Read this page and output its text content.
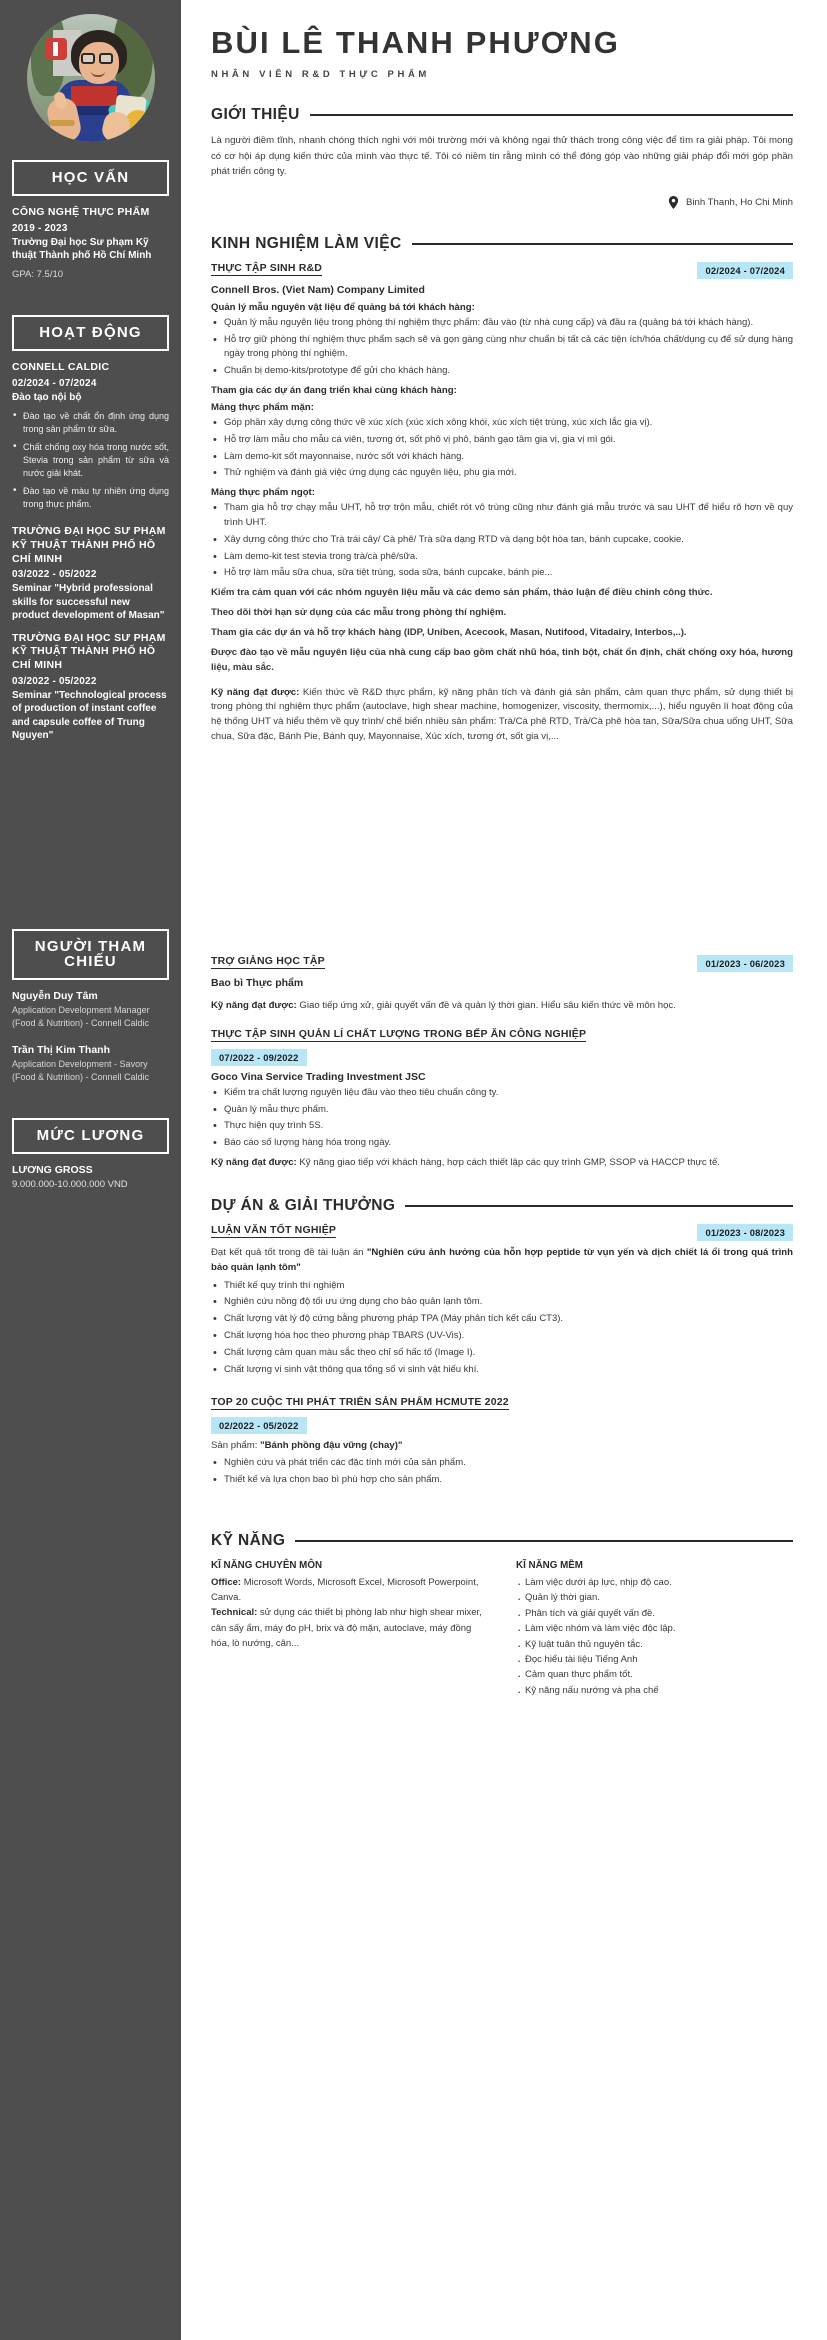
HỌC VẤN
CÔNG NGHỆ THỰC PHẨM
2019 - 2023
Trường Đại học Sư phạm Kỹ thuật Thành phố Hồ Chí Minh
GPA: 7.5/10
HOẠT ĐỘNG
CONNELL CALDIC
02/2024 - 07/2024
Đào tạo nội bộ
• Đào tạo về chất ổn định ứng dụng trong sản phẩm từ sữa.
• Chất chống oxy hóa trong nước sốt, Stevia trong sản phẩm từ sữa và nước giải khát.
• Đào tạo về màu tự nhiên ứng dụng trong thực phẩm.
TRƯỜNG ĐẠI HỌC SƯ PHẠM KỸ THUẬT THÀNH PHỐ HỒ CHÍ MINH
03/2022 - 05/2022
Seminar "Hybrid professional skills for successful new product development of Masan"
TRƯỜNG ĐẠI HỌC SƯ PHẠM KỸ THUẬT THÀNH PHỐ HỒ CHÍ MINH
03/2022 - 05/2022
Seminar "Technological process of production of instant coffee and capsule coffee of Trung Nguyen"
NGƯỜI THAM CHIẾU
Nguyễn Duy Tâm
Application Development Manager (Food & Nutrition) - Connell Caldic
Trần Thị Kim Thanh
Application Development - Savory (Food & Nutrition) - Connell Caldic
MỨC LƯƠNG
LƯƠNG GROSS
9.000.000-10.000.000 VND
BÙI LÊ THANH PHƯƠNG
NHÂN VIÊN R&D THỰC PHẨM
GIỚI THIỆU

Là người điềm tĩnh, nhanh chóng thích nghi với môi trường mới và không ngại thử thách trong công việc để tìm ra giải pháp. Tôi mong có cơ hội áp dụng kiến thức của mình vào thực tế. Tôi có niềm tin rằng mình có thể đóng góp vào những giải pháp đổi mới góp phần phát triển công ty.

Binh Thanh, Ho Chi Minh
KINH NGHIỆM LÀM VIỆC
THỰC TẬP SINH R&D	02/2024 - 07/2024
Connell Bros. (Viet Nam) Company Limited
Quản lý mẫu nguyên vật liệu để quảng bá tới khách hàng:
• Quản lý mẫu nguyên liệu trong phòng thí nghiệm thực phẩm: đầu vào (từ nhà cung cấp) và đầu ra (quảng bá tới khách hàng).
• Hỗ trợ giữ phòng thí nghiệm thực phẩm sạch sẽ và gọn gàng cùng như chuẩn bị tất cả các tiện ích/hóa chất/dụng cụ để sử dụng hàng ngày trong phòng thí nghiệm.
• Chuẩn bị demo-kits/prototype để gửi cho khách hàng.
Tham gia các dự án đang triển khai cùng khách hàng:
Mảng thực phẩm mặn:
• Góp phần xây dựng công thức về xúc xích (xúc xích xông khói, xúc xích tiệt trùng, xúc xích lắc gia vị).
• Hỗ trợ làm mẫu cho mẫu cá viên, tương ớt, sốt phô vị phô, bánh gạo tầm gia vị, gia vị mì gói.
• Làm demo-kit sốt mayonnaise, nước sốt với khách hàng.
• Thử nghiệm và đánh giá việc ứng dụng các nguyên liệu, phụ gia mới.
Mảng thực phẩm ngọt:
• Tham gia hỗ trợ chạy mẫu UHT, hỗ trợ trộn mẫu, chiết rót vô trùng cũng như đánh giá mẫu trước và sau UHT để hiểu rõ hơn về quy trình UHT.
• Xây dựng công thức cho Trà trái cây/ Cà phê/ Trà sữa dạng RTD và dạng bột hòa tan, bánh cupcake, cookie.
• Làm demo-kit test stevia trong trà/cà phê/sữa.
• Hỗ trợ làm mẫu sữa chua, sữa tiệt trùng, soda sữa, bánh cupcake, bánh pie...
Kiểm tra cảm quan với các nhóm nguyên liệu mẫu và các demo sản phẩm, thảo luận để điều chỉnh công thức.
Theo dõi thời hạn sử dụng của các mẫu trong phòng thí nghiệm.
Tham gia các dự án và hỗ trợ khách hàng (IDP, Uniben, Acecook, Masan, Nutifood, Vitadairy, Interbos,..).
Được đào tạo về mẫu nguyên liệu của nhà cung cấp bao gồm chất nhũ hóa, tinh bột, chất ổn định, chất chống oxy hóa, hương liệu, màu sắc.
Kỹ năng đạt được: Kiến thức về R&D thực phẩm, kỹ năng phân tích và đánh giá sản phẩm, cảm quan thực phẩm, sử dụng thiết bị trong phòng thí nghiệm thực phẩm (autoclave, high shear machine, homogenizer, viscosity, thermomix,...), hiểu nguyên lí hoạt động của hệ thống UHT và hiểu thêm về quy trình/ chế biến nhiều sản phẩm: Trà/Cà phê RTD, Trà/Cà phê hòa tan, Sữa/Sữa chua uống UHT, Sữa chua, Sữa đặc, Bánh Pie, Bánh quy, Mayonnaise, Xúc xích, tương ớt, sốt gia vị,...
TRỢ GIẢNG HỌC TẬP	01/2023 - 06/2023
Bao bì Thực phẩm
Kỹ năng đạt được: Giao tiếp ứng xử, giải quyết vấn đề và quản lý thời gian. Hiểu sâu kiến thức về môn học.
THỰC TẬP SINH QUẢN LÍ CHẤT LƯỢNG TRONG BẾP ĂN CÔNG NGHIỆP
07/2022 - 09/2022
Goco Vina Service Trading Investment JSC
• Kiểm tra chất lượng nguyên liệu đầu vào theo tiêu chuẩn công ty.
• Quản lý mẫu thực phẩm.
• Thực hiện quy trình 5S.
• Báo cáo số lượng hàng hóa trong ngày.
Kỹ năng đạt được: Kỹ năng giao tiếp với khách hàng, hợp cách thiết lập các quy trình GMP, SSOP và HACCP thực tế.
DỰ ÁN & GIẢI THƯỞNG
LUẬN VĂN TỐT NGHIỆP	01/2023 - 08/2023
Đạt kết quả tốt trong đề tài luận án "Nghiên cứu ảnh hưởng của hỗn hợp peptide từ vụn yến và dịch chiết lá ổi trong quá trình bảo quản lạnh tôm"
• Thiết kế quy trình thí nghiệm
• Nghiên cứu nồng độ tối ưu ứng dụng cho bảo quản lạnh tôm.
• Chất lượng vật lý độ cứng bằng phương pháp TPA (Máy phân tích kết cấu CT3).
• Chất lượng hóa học theo phương pháp TBARS (UV-Vis).
• Chất lượng cảm quan màu sắc theo chỉ số hấc tố (Image I).
• Chất lượng vi sinh vật thông qua tổng số vi sinh vật hiếu khí.
TOP 20 CUỘC THI PHÁT TRIỂN SẢN PHẨM HCMUTE 2022
02/2022 - 05/2022
Sản phẩm: "Bánh phồng đậu vững (chay)"
• Nghiên cứu và phát triển các đặc tính mới của sản phẩm.
• Thiết kế và lựa chọn bao bì phù hợp cho sản phẩm.
KỸ NĂNG
KĨ NĂNG CHUYÊN MÔN

Office: Microsoft Words, Microsoft Excel, Microsoft Powerpoint, Canva.

Technical: sử dụng các thiết bị phòng lab như high shear mixer, cân sấy ẩm, máy đo pH, brix và độ mặn, autoclave, máy đồng hóa, lò nướng, cân...

KĨ NĂNG MỀM
· Làm việc dưới áp lực, nhịp độ cao.
· Quản lý thời gian.
· Phân tích và giải quyết vấn đề.
· Làm việc nhóm và làm việc độc lập.
· Kỹ luật tuân thủ nguyên tắc.
· Đọc hiểu tài liệu Tiếng Anh
· Cảm quan thực phẩm tốt.
· Kỹ năng nấu nướng và pha chế
